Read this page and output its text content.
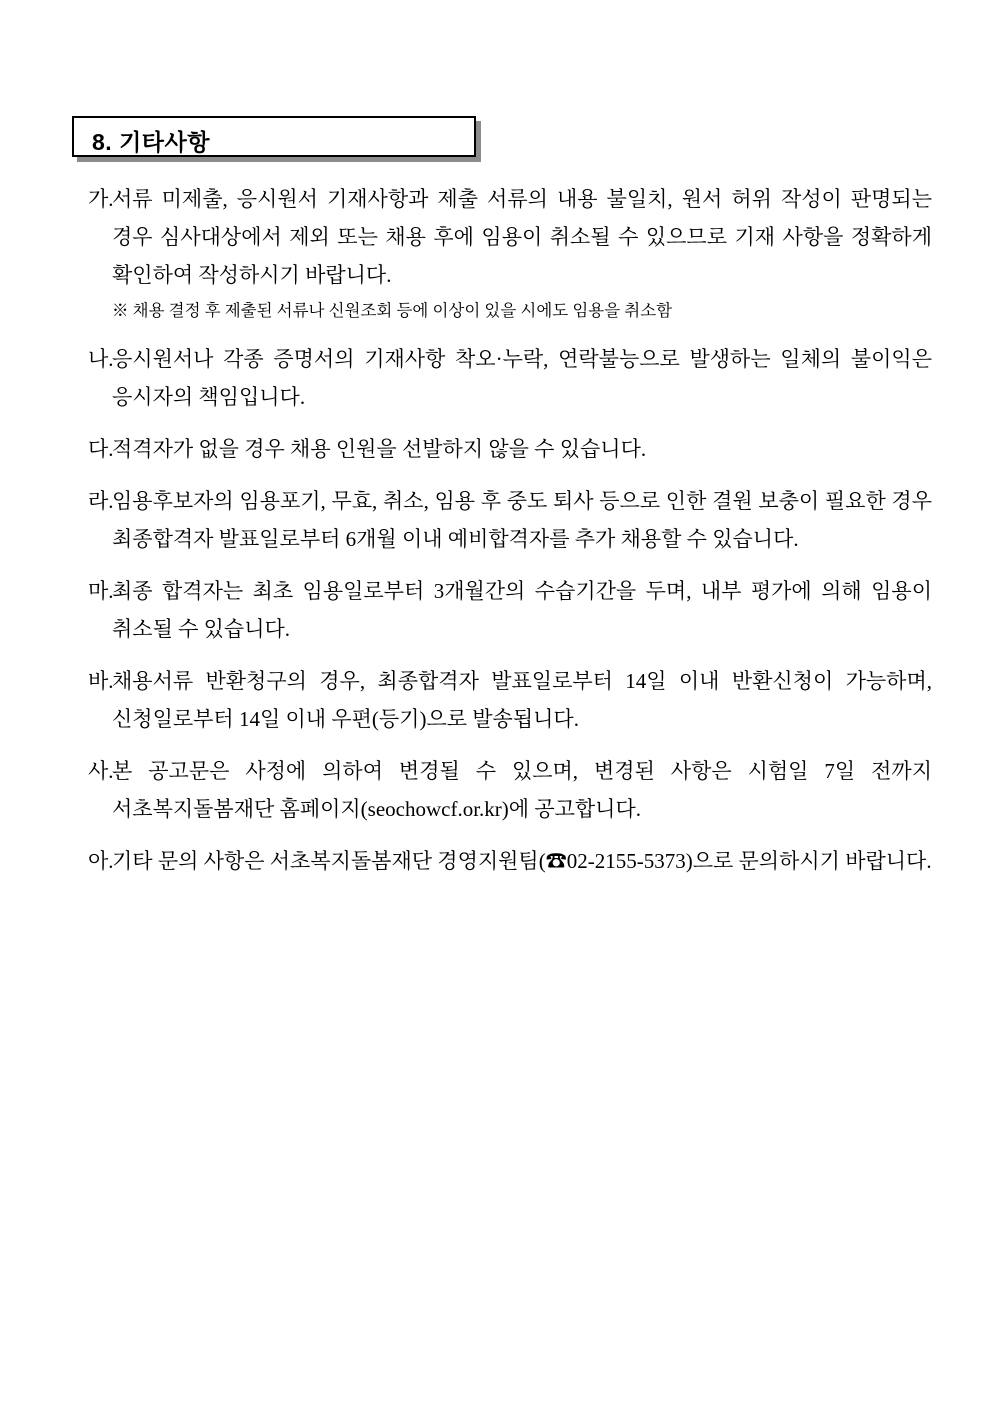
8. 기타사항
가.
서류 미제출, 응시원서 기재사항과 제출 서류의 내용 불일치, 원서 허위 작성이 판명되는 경우 심사대상에서 제외 또는 채용 후에 임용이 취소될 수 있으므로 기재 사항을 정확하게 확인하여 작성하시기 바랍니다.
※ 채용 결정 후 제출된 서류나 신원조회 등에 이상이 있을 시에도 임용을 취소함
나.
응시원서나 각종 증명서의 기재사항 착오·누락, 연락불능으로 발생하는 일체의 불이익은 응시자의 책임입니다.
다.
적격자가 없을 경우 채용 인원을 선발하지 않을 수 있습니다.
라.
임용후보자의 임용포기, 무효, 취소, 임용 후 중도 퇴사 등으로 인한 결원 보충이 필요한 경우 최종합격자 발표일로부터 6개월 이내 예비합격자를 추가 채용할 수 있습니다.
마.
최종 합격자는 최초 임용일로부터 3개월간의 수습기간을 두며, 내부 평가에 의해 임용이 취소될 수 있습니다.
바.
채용서류 반환청구의 경우, 최종합격자 발표일로부터 14일 이내 반환신청이 가능하며, 신청일로부터 14일 이내 우편(등기)으로 발송됩니다.
사.
본 공고문은 사정에 의하여 변경될 수 있으며, 변경된 사항은 시험일 7일 전까지 서초복지돌봄재단 홈페이지(seochowcf.or.kr)에 공고합니다.
아.
기타 문의 사항은 서초복지돌봄재단 경영지원팀(☎02-2155-5373)으로 문의하시기 바랍니다.
